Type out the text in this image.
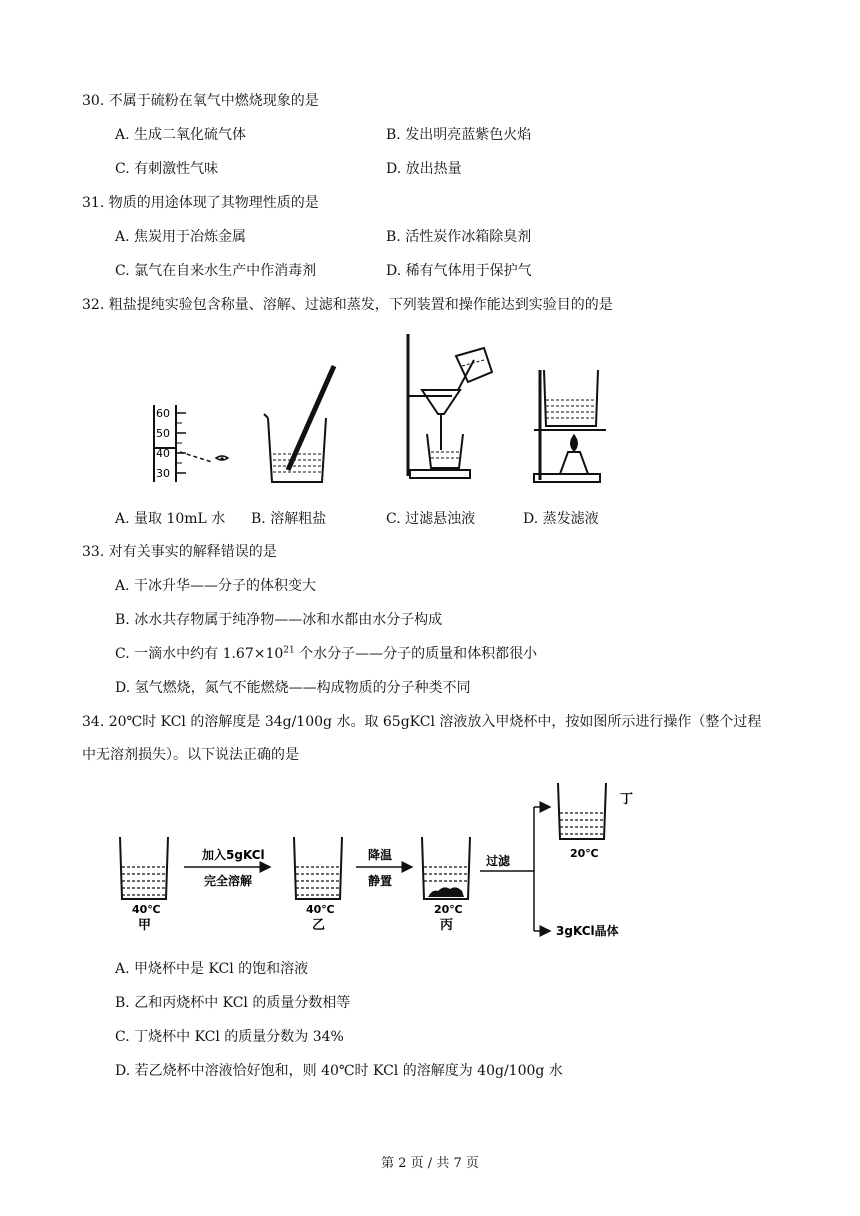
30. 不属于硫粉在氧气中燃烧现象的是
A. 生成二氧化硫气体	B. 发出明亮蓝紫色火焰
C. 有刺激性气味	D. 放出热量
31. 物质的用途体现了其物理性质的是
A. 焦炭用于冶炼金属	B. 活性炭作冰箱除臭剂
C. 氯气在自来水生产中作消毒剂	D. 稀有气体用于保护气
32. 粗盐提纯实验包含称量、溶解、过滤和蒸发，下列装置和操作能达到实验目的的是
60
50
40
30
A. 量取 10mL 水 B. 溶解粗盐	C. 过滤悬浊液	D. 蒸发滤液
33. 对有关事实的解释错误的是
A. 干冰升华——分子的体积变大
B. 冰水共存物属于纯净物——冰和水都由水分子构成
C. 一滴水中约有 $1.67\times 10^{21}$ 个水分子——分子的质量和体积都很小
D. 氢气燃烧，氮气不能燃烧——构成物质的分子种类不同
34. 20℃时 KCl 的溶解度是 34g/100g 水。取 65gKCl 溶液放入甲烧杯中，按如图所示进行操作（整个过程
中无溶剂损失）。以下说法正确的是
40℃
甲
加入5gKCl
完全溶解
40℃
乙
降温
静置
20℃
丙
过滤
丁
20℃
3gKCl晶体
A. 甲烧杯中是 KCl 的饱和溶液
B. 乙和丙烧杯中 KCl 的质量分数相等
C. 丁烧杯中 KCl 的质量分数为 34%
D. 若乙烧杯中溶液恰好饱和，则 40℃时 KCl 的溶解度为 40g/100g 水
第 2 页 / 共 7 页
